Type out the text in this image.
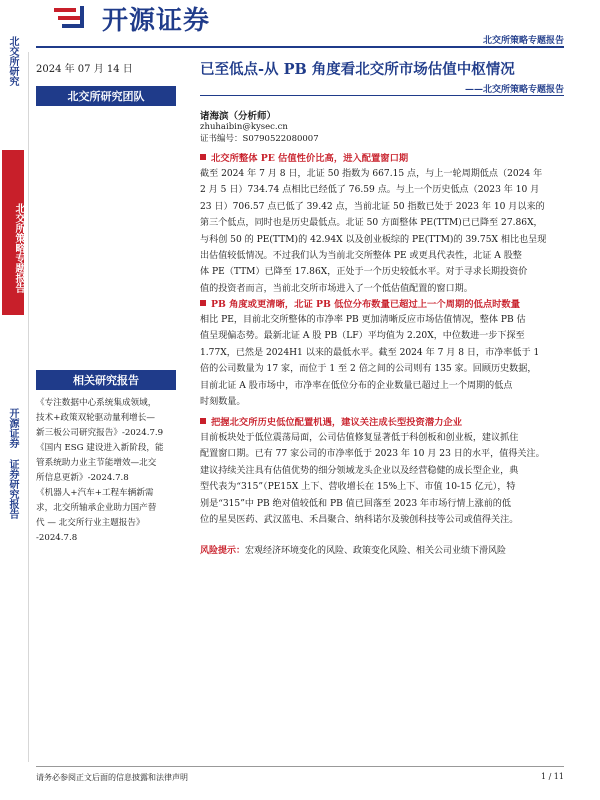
开源证券
北交所策略专题报告
北交所研究
北交所策略专题报告
开源证券 证券研究报告
2024 年 07 月 14 日
北交所研究团队
相关研究报告
《专注数据中心系统集成领域，
技术+政策双轮驱动量利增长—
新三板公司研究报告》-2024.7.9
《国内 ESG 建设进入新阶段，能
管系统助力业主节能增效—北交
所信息更新》-2024.7.8
《机器人+汽车+工程车辆新需
求，北交所轴承企业助力国产替
代 — 北交所行业主题报告》
-2024.7.8
已至低点-从 PB 角度看北交所市场估值中枢情况
——北交所策略专题报告
诸海滨（分析师）
zhuhaibin@kysec.cn
证书编号：S0790522080007
北交所整体 PE 估值性价比高，进入配置窗口期
截至 2024 年 7 月 8 日，北证 50 指数为 667.15 点，与上一轮周期低点（2024 年
2 月 5 日）734.74 点相比已经低了 76.59 点。与上一个历史低点（2023 年 10 月
23 日）706.57 点已低了 39.42 点，当前北证 50 指数已处于 2023 年 10 月以来的
第三个低点，同时也是历史最低点。北证 50 方面整体 PE(TTM)已已降至 27.86X，
与科创 50 的 PE(TTM)的 42.94X 以及创业板综的 PE(TTM)的 39.75X 相比也呈现
出估值较低情况。不过我们认为当前北交所整体 PE 或更具代表性，北证 A 股整
体 PE（TTM）已降至 17.86X，正处于一个历史较低水平。对于寻求长期投资价
值的投资者而言，当前北交所市场进入了一个低估值配置的窗口期。
PB 角度或更清晰，北证 PB 低位分布数量已超过上一个周期的低点时数量
相比 PE，目前北交所整体的市净率 PB 更加清晰反应市场估值情况，整体 PB 估
值呈现偏态势。最新北证 A 股 PB（LF）平均值为 2.20X，中位数进一步下探至
1.77X，已然是 2024H1 以来的最低水平。截至 2024 年 7 月 8 日，市净率低于 1
倍的公司数量为 17 家，而位于 1 至 2 倍之间的公司则有 135 家。回顾历史数据，
目前北证 A 股市场中，市净率在低位分布的企业数量已超过上一个周期的低点
时刻数量。
把握北交所历史低位配置机遇，建议关注成长型投资潜力企业
目前板块处于低位震荡局面，公司估值修复显著低于科创板和创业板，建议抓住
配置窗口期。已有 77 家公司的市净率低于 2023 年 10 月 23 日的水平，值得关注。
建议持续关注具有估值优势的细分领域龙头企业以及经营稳健的成长型企业，典
型代表为“315”（PE15X 上下、营收增长在 15%上下、市值 10-15 亿元），特
别是“315”中 PB 绝对值较低和 PB 值已回落至 2023 年市场行情上涨前的低
位的星昊医药、武汉蓝电、禾昌聚合、纳科诺尔及骏创科技等公司或值得关注。
风险提示：宏观经济环境变化的风险、政策变化风险、相关公司业绩下滑风险
请务必参阅正文后面的信息披露和法律声明	1 / 11
